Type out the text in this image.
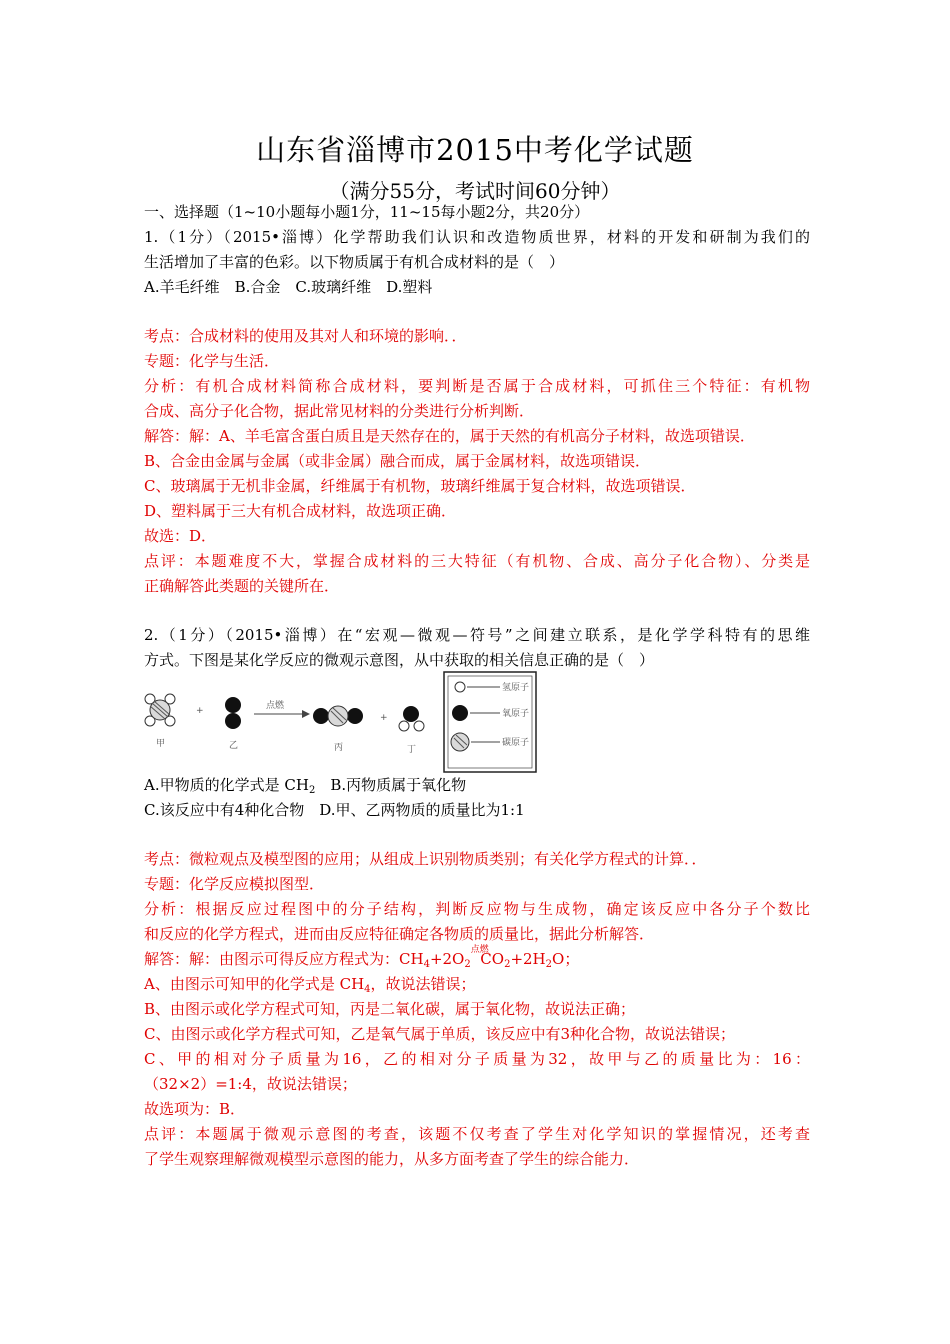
山东省淄博市2015中考化学试题
（满分55分，考试时间60分钟）
一、选择题（1~10小题每小题1分，11~15每小题2分，共20分）
1.（1分）（2015•淄博）化学帮助我们认识和改造物质世界，材料的开发和研制为我们的
生活增加了丰富的色彩。以下物质属于有机合成材料的是（　）
A.羊毛纤维　B.合金　C.玻璃纤维　D.塑料
考点：合成材料的使用及其对人和环境的影响．．
专题：化学与生活．
分析：有机合成材料简称合成材料，要判断是否属于合成材料，可抓住三个特征：有机物
合成、高分子化合物，据此常见材料的分类进行分析判断．
解答：解：A、羊毛富含蛋白质且是天然存在的，属于天然的有机高分子材料，故选项错误．
B、合金由金属与金属（或非金属）融合而成，属于金属材料，故选项错误．
C、玻璃属于无机非金属，纤维属于有机物，玻璃纤维属于复合材料，故选项错误．
D、塑料属于三大有机合成材料，故选项正确．
故选：D．
点评：本题难度不大，掌握合成材料的三大特征（有机物、合成、高分子化合物）、分类是
正确解答此类题的关键所在．
2.（1分）（2015•淄博）在“宏观—微观—符号”之间建立联系，是化学学科特有的思维
方式。下图是某化学反应的微观示意图，从中获取的相关信息正确的是（　）
甲
+
乙
点燃
丙
+
丁
氢原子
氧原子
碳原子
A.甲物质的化学式是 $CH_2$　B.丙物质属于氧化物
C.该反应中有4种化合物　D.甲、乙两物质的质量比为1:1
考点：微粒观点及模型图的应用；从组成上识别物质类别；有关化学方程式的计算．．
专题：化学反应模拟图型．
分析：根据反应过程图中的分子结构，判断反应物与生成物，确定该反应中各分子个数比
和反应的化学方程式，进而由反应特征确定各物质的质量比，据此分析解答．
解答：解：由图示可得反应方程式为：$CH_4+2O_2$
点燃
$CO_2+2H_2O$；
A、由图示可知甲的化学式是 $CH_4$，故说法错误；
B、由图示或化学方程式可知，丙是二氧化碳，属于氧化物，故说法正确；
C、由图示或化学方程式可知，乙是氧气属于单质，该反应中有3种化合物，故说法错误；
C、甲的相对分子质量为16，乙的相对分子质量为32，故甲与乙的质量比为：16：
（32×2）=1:4，故说法错误；
故选项为：B．
点评：本题属于微观示意图的考查，该题不仅考查了学生对化学知识的掌握情况，还考查
了学生观察理解微观模型示意图的能力，从多方面考查了学生的综合能力．
